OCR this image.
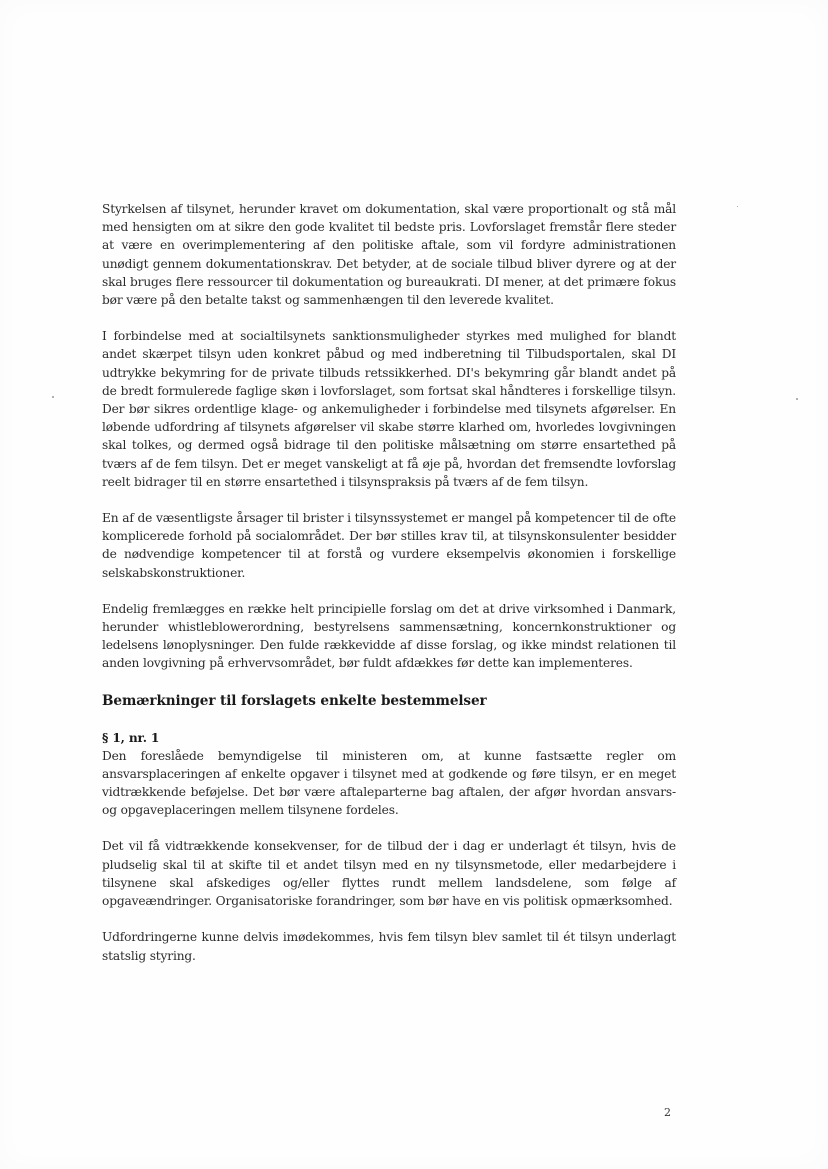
Styrkelsen af tilsynet, herunder kravet om dokumentation, skal være proportionalt og stå mål med hensigten om at sikre den gode kvalitet til bedste pris. Lovforslaget fremstår flere steder at være en overimplementering af den politiske aftale, som vil fordyre administrationen unødigt gennem dokumentationskrav. Det betyder, at de sociale tilbud bliver dyrere og at der skal bruges flere ressourcer til dokumentation og bureaukrati. DI mener, at det primære fokus bør være på den betalte takst og sammenhængen til den leverede kvalitet.

I forbindelse med at socialtilsynets sanktionsmuligheder styrkes med mulighed for blandt andet skærpet tilsyn uden konkret påbud og med indberetning til Tilbudsportalen, skal DI udtrykke bekymring for de private tilbuds retssikkerhed. DI's bekymring går blandt andet på de bredt formulerede faglige skøn i lovforslaget, som fortsat skal håndteres i forskellige tilsyn. Der bør sikres ordentlige klage- og ankemuligheder i forbindelse med tilsynets afgørelser. En løbende udfordring af tilsynets afgørelser vil skabe større klarhed om, hvorledes lovgivningen skal tolkes, og dermed også bidrage til den politiske målsætning om større ensartethed på tværs af de fem tilsyn. Det er meget vanskeligt at få øje på, hvordan det fremsendte lovforslag reelt bidrager til en større ensartethed i tilsynspraksis på tværs af de fem tilsyn.

En af de væsentligste årsager til brister i tilsynssystemet er mangel på kompetencer til de ofte komplicerede forhold på socialområdet. Der bør stilles krav til, at tilsynskonsulenter besidder de nødvendige kompetencer til at forstå og vurdere eksempelvis økonomien i forskellige selskabskonstruktioner.

Endelig fremlægges en række helt principielle forslag om det at drive virksomhed i Danmark, herunder whistleblowerordning, bestyrelsens sammensætning, koncernkonstruktioner og ledelsens lønoplysninger. Den fulde rækkevidde af disse forslag, og ikke mindst relationen til anden lovgivning på erhvervsområdet, bør fuldt afdækkes før dette kan implementeres.

Bemærkninger til forslagets enkelte bestemmelser
§ 1, nr. 1

Den foreslåede bemyndigelse til ministeren om, at kunne fastsætte regler om ansvarsplaceringen af enkelte opgaver i tilsynet med at godkende og føre tilsyn, er en meget vidtrækkende beføjelse. Det bør være aftaleparterne bag aftalen, der afgør hvordan ansvars- og opgaveplaceringen mellem tilsynene fordeles.

Det vil få vidtrækkende konsekvenser, for de tilbud der i dag er underlagt ét tilsyn, hvis de pludselig skal til at skifte til et andet tilsyn med en ny tilsynsmetode, eller medarbejdere i tilsynene skal afskediges og/eller flyttes rundt mellem landsdelene, som følge af opgaveændringer. Organisatoriske forandringer, som bør have en vis politisk opmærksomhed.

Udfordringerne kunne delvis imødekommes, hvis fem tilsyn blev samlet til ét tilsyn underlagt statslig styring.

2
